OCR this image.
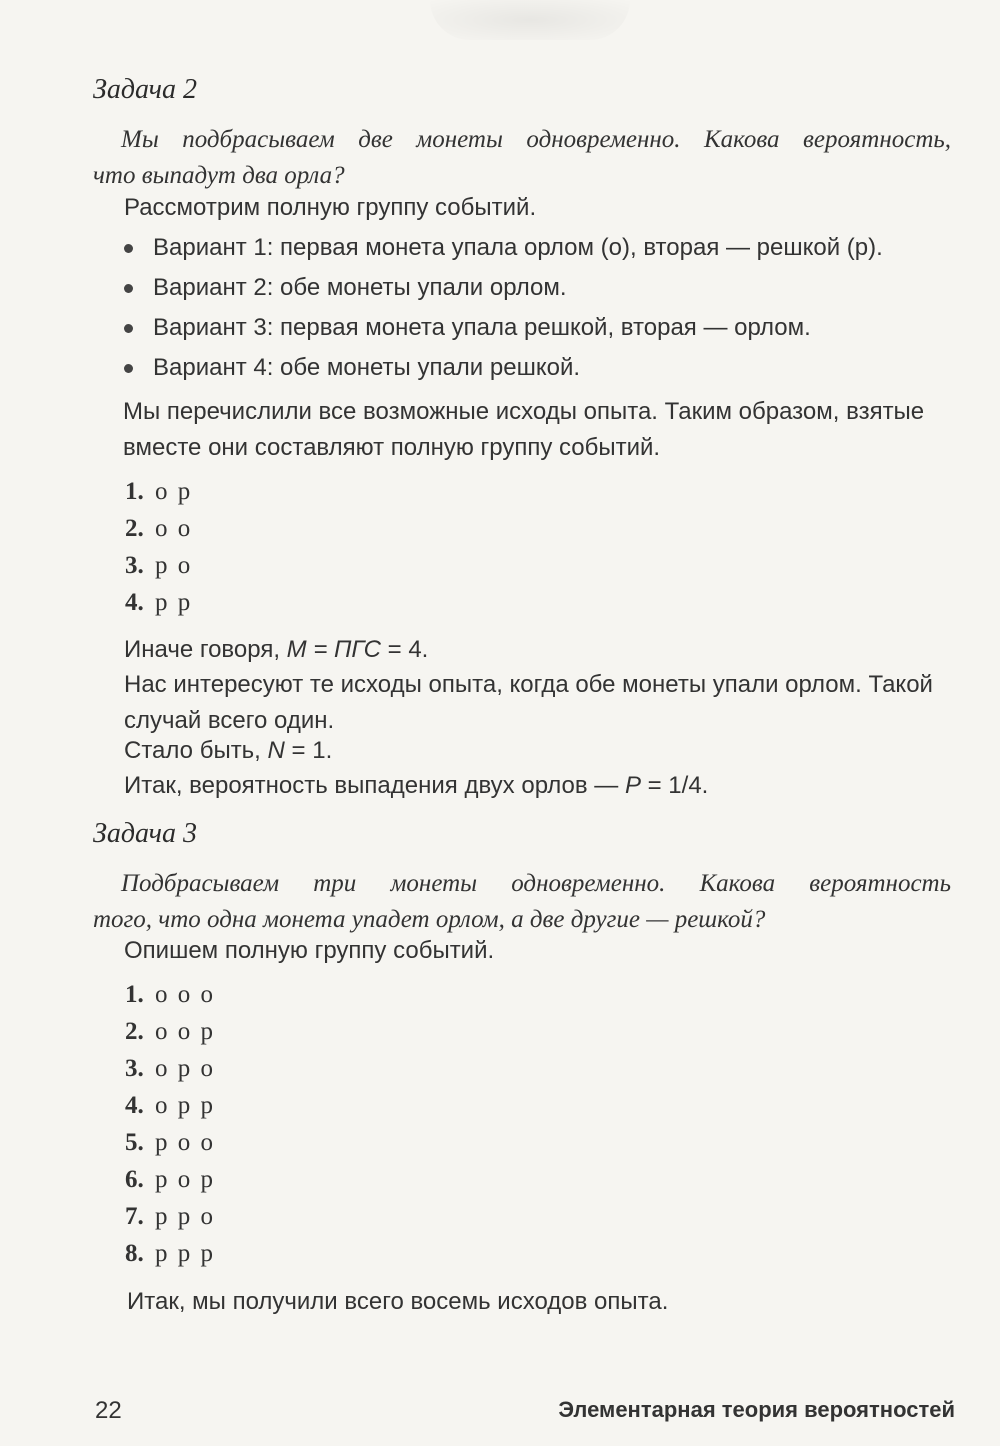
Задача 2
Мы подбрасываем две монеты одновременно. Какова вероятность,
что выпадут два орла?
Рассмотрим полную группу событий.
Вариант 1: первая монета упала орлом (о), вторая — решкой (р).
Вариант 2: обе монеты упали орлом.
Вариант 3: первая монета упала решкой, вторая — орлом.
Вариант 4: обе монеты упали решкой.
Мы перечислили все возможные исходы опыта. Таким образом, взятые
вместе они составляют полную группу событий.
1. о р
2. о о
3. р о
4. р р
Иначе говоря, М = ПГС = 4.
Нас интересуют те исходы опыта, когда обе монеты упали орлом. Такой
случай всего один.
Стало быть, N = 1.
Итак, вероятность выпадения двух орлов — P = 1/4.
Задача 3
Подбрасываем три монеты одновременно. Какова вероятность
того, что одна монета упадет орлом, а две другие — решкой?
Опишем полную группу событий.
1. о о о
2. о о р
3. о р о
4. о р р
5. р о о
6. р о р
7. р р о
8. р р р
Итак, мы получили всего восемь исходов опыта.
22	Элементарная теория вероятностей
